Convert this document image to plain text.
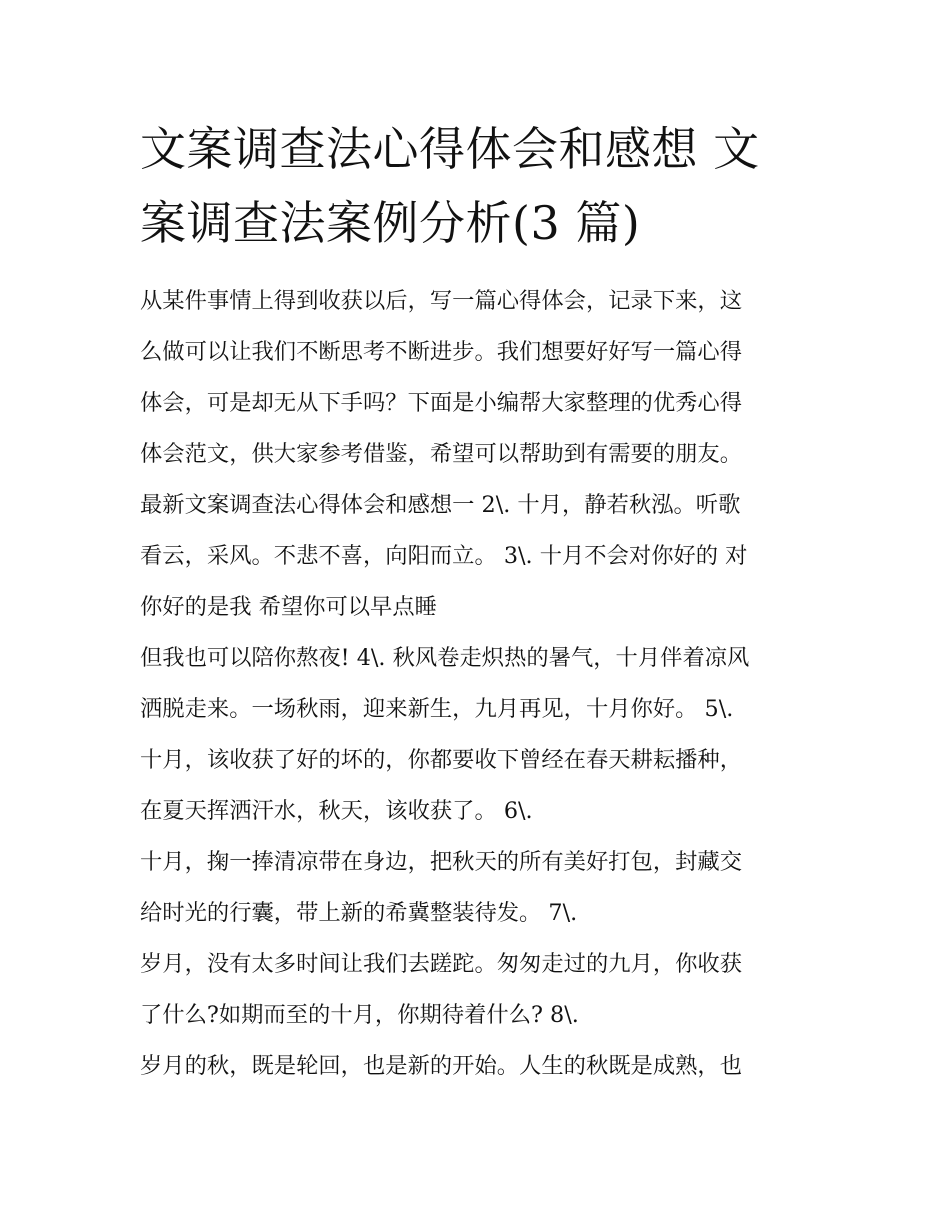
文案调查法心得体会和感想 文
案调查法案例分析(3 篇)
从某件事情上得到收获以后，写一篇心得体会，记录下来，这
么做可以让我们不断思考不断进步。我们想要好好写一篇心得
体会，可是却无从下手吗？下面是小编帮大家整理的优秀心得
体会范文，供大家参考借鉴，希望可以帮助到有需要的朋友。
最新文案调查法心得体会和感想一 2\. 十月，静若秋泓。听歌
看云，采风。不悲不喜，向阳而立。 3\. 十月不会对你好的 对
你好的是我 希望你可以早点睡
但我也可以陪你熬夜! 4\. 秋风卷走炽热的暑气，十月伴着凉风
洒脱走来。一场秋雨，迎来新生，九月再见，十月你好。 5\.
十月，该收获了好的坏的，你都要收下曾经在春天耕耘播种，
在夏天挥洒汗水，秋天，该收获了。 6\.
十月，掬一捧清凉带在身边，把秋天的所有美好打包，封藏交
给时光的行囊，带上新的希冀整装待发。 7\.
岁月，没有太多时间让我们去蹉跎。匆匆走过的九月，你收获
了什么?如期而至的十月，你期待着什么? 8\.
岁月的秋，既是轮回，也是新的开始。人生的秋既是成熟，也
